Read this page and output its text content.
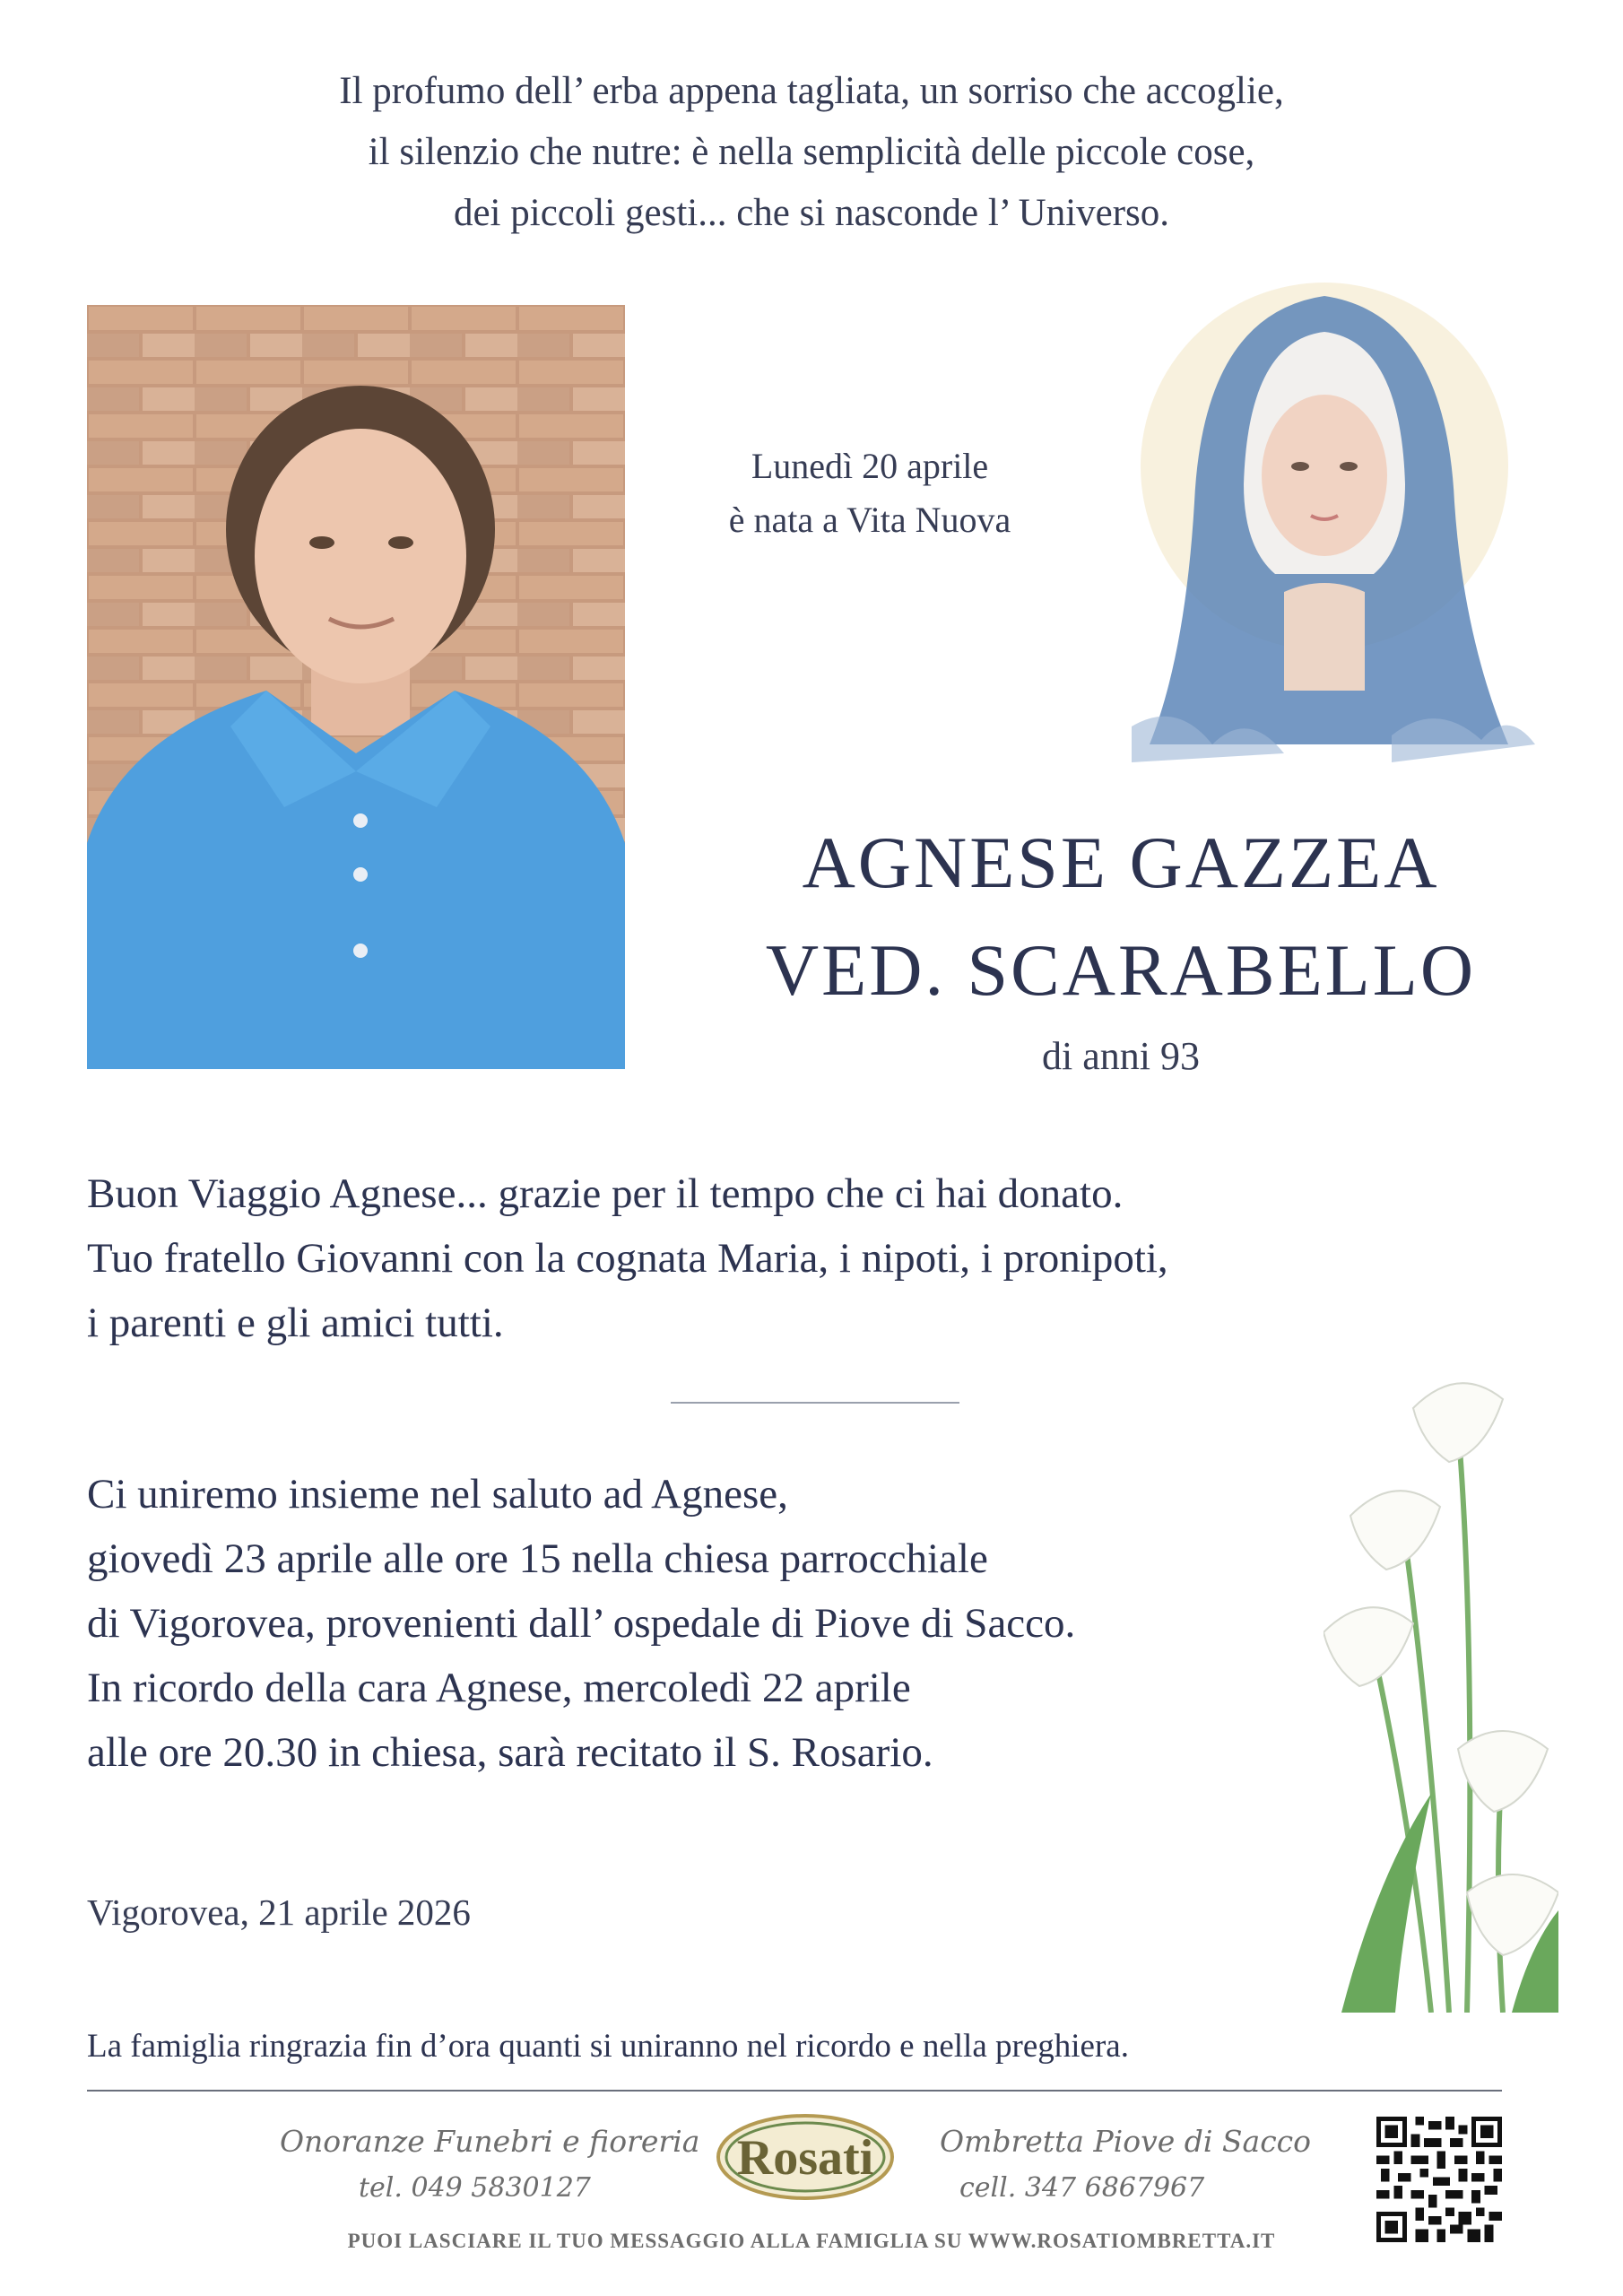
Il profumo dell’ erba appena tagliata, un sorriso che accoglie,
il silenzio che nutre: è nella semplicità delle piccole cose,
dei piccoli gesti... che si nasconde l’ Universo.
Lunedì 20 aprile
è nata a Vita Nuova
AGNESE GAZZEA
VED. SCARABELLO
di anni 93
Buon Viaggio Agnese... grazie per il tempo che ci hai donato.
Tuo fratello Giovanni con la cognata Maria, i nipoti, i pronipoti,
i parenti e gli amici tutti.
Ci uniremo insieme nel saluto ad Agnese,
giovedì 23 aprile alle ore 15 nella chiesa parrocchiale
di Vigorovea, provenienti dall’ ospedale di Piove di Sacco.
In ricordo della cara Agnese, mercoledì 22 aprile
alle ore 20.30 in chiesa, sarà recitato il S. Rosario.
Vigorovea, 21 aprile 2026
La famiglia ringrazia fin d’ora quanti si uniranno nel ricordo e nella preghiera.
Onoranze Funebri e fioreria
tel. 049 5830127
Rosati	Ombretta Piove di Sacco
cell. 347 6867967
PUOI LASCIARE IL TUO MESSAGGIO ALLA FAMIGLIA SU WWW.ROSATIOMBRETTA.IT
